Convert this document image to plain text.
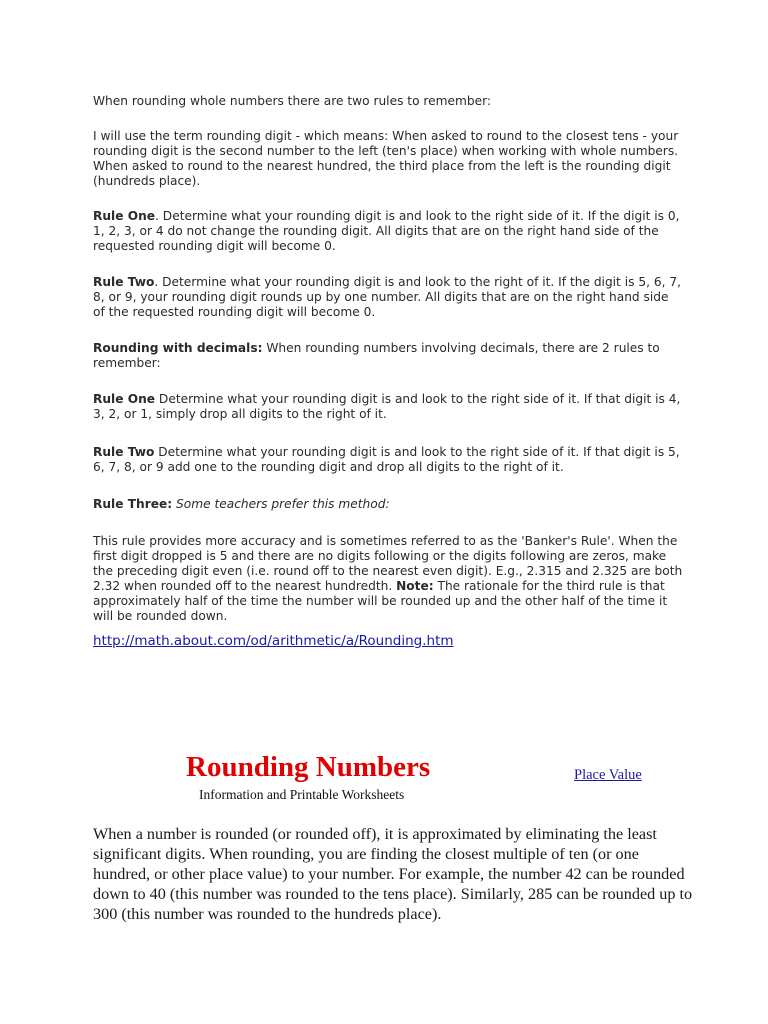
When rounding whole numbers there are two rules to remember:

I will use the term rounding digit - which means: When asked to round to the closest tens - your rounding digit is the second number to the left (ten's place) when working with whole numbers. When asked to round to the nearest hundred, the third place from the left is the rounding digit (hundreds place).

Rule One. Determine what your rounding digit is and look to the right side of it. If the digit is 0, 1, 2, 3, or 4 do not change the rounding digit. All digits that are on the right hand side of the requested rounding digit will become 0.

Rule Two. Determine what your rounding digit is and look to the right of it. If the digit is 5, 6, 7, 8, or 9, your rounding digit rounds up by one number. All digits that are on the right hand side of the requested rounding digit will become 0.

Rounding with decimals: When rounding numbers involving decimals, there are 2 rules to remember:

Rule One Determine what your rounding digit is and look to the right side of it. If that digit is 4, 3, 2, or 1, simply drop all digits to the right of it.

Rule Two Determine what your rounding digit is and look to the right side of it. If that digit is 5, 6, 7, 8, or 9 add one to the rounding digit and drop all digits to the right of it.

Rule Three: Some teachers prefer this method:

This rule provides more accuracy and is sometimes referred to as the 'Banker's Rule'. When the first digit dropped is 5 and there are no digits following or the digits following are zeros, make the preceding digit even (i.e. round off to the nearest even digit). E.g., 2.315 and 2.325 are both 2.32 when rounded off to the nearest hundredth. Note: The rationale for the third rule is that approximately half of the time the number will be rounded up and the other half of the time it will be rounded down.

http://math.about.com/od/arithmetic/a/Rounding.htm
Rounding Numbers

Information and Printable Worksheets

Place Value

When a number is rounded (or rounded off), it is approximated by eliminating the least significant digits. When rounding, you are finding the closest multiple of ten (or one hundred, or other place value) to your number. For example, the number 42 can be rounded down to 40 (this number was rounded to the tens place). Similarly, 285 can be rounded up to 300 (this number was rounded to the hundreds place).
